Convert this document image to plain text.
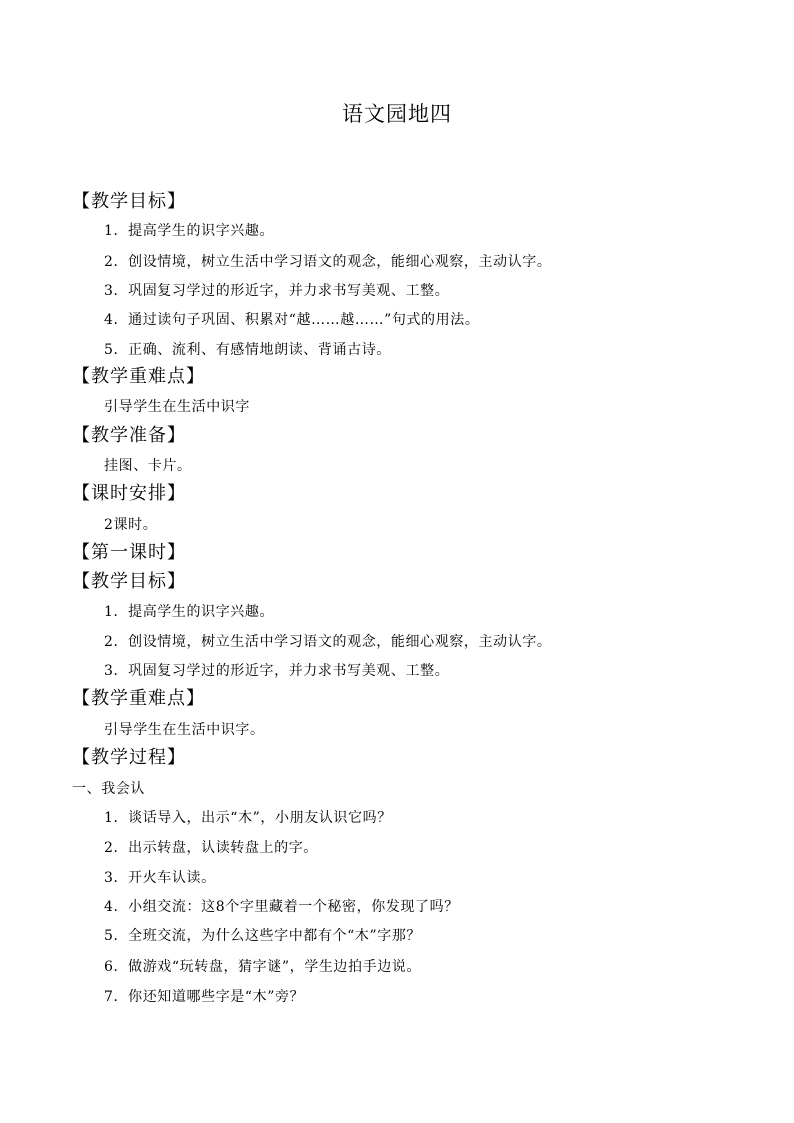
语文园地四
【教学目标】
1．提高学生的识字兴趣。
2．创设情境，树立生活中学习语文的观念，能细心观察，主动认字。
3．巩固复习学过的形近字，并力求书写美观、工整。
4．通过读句子巩固、积累对“越……越……”句式的用法。
5．正确、流利、有感情地朗读、背诵古诗。
【教学重难点】
引导学生在生活中识字
【教学准备】
挂图、卡片。
【课时安排】
2课时。
【第一课时】
【教学目标】
1．提高学生的识字兴趣。
2．创设情境，树立生活中学习语文的观念，能细心观察，主动认字。
3．巩固复习学过的形近字，并力求书写美观、工整。
【教学重难点】
引导学生在生活中识字。
【教学过程】
一、我会认
1．谈话导入，出示“木”，小朋友认识它吗？
2．出示转盘，认读转盘上的字。
3．开火车认读。
4．小组交流：这8个字里藏着一个秘密，你发现了吗？
5．全班交流，为什么这些字中都有个“木”字那？
6．做游戏“玩转盘，猜字谜”，学生边拍手边说。
7．你还知道哪些字是“木”旁？
